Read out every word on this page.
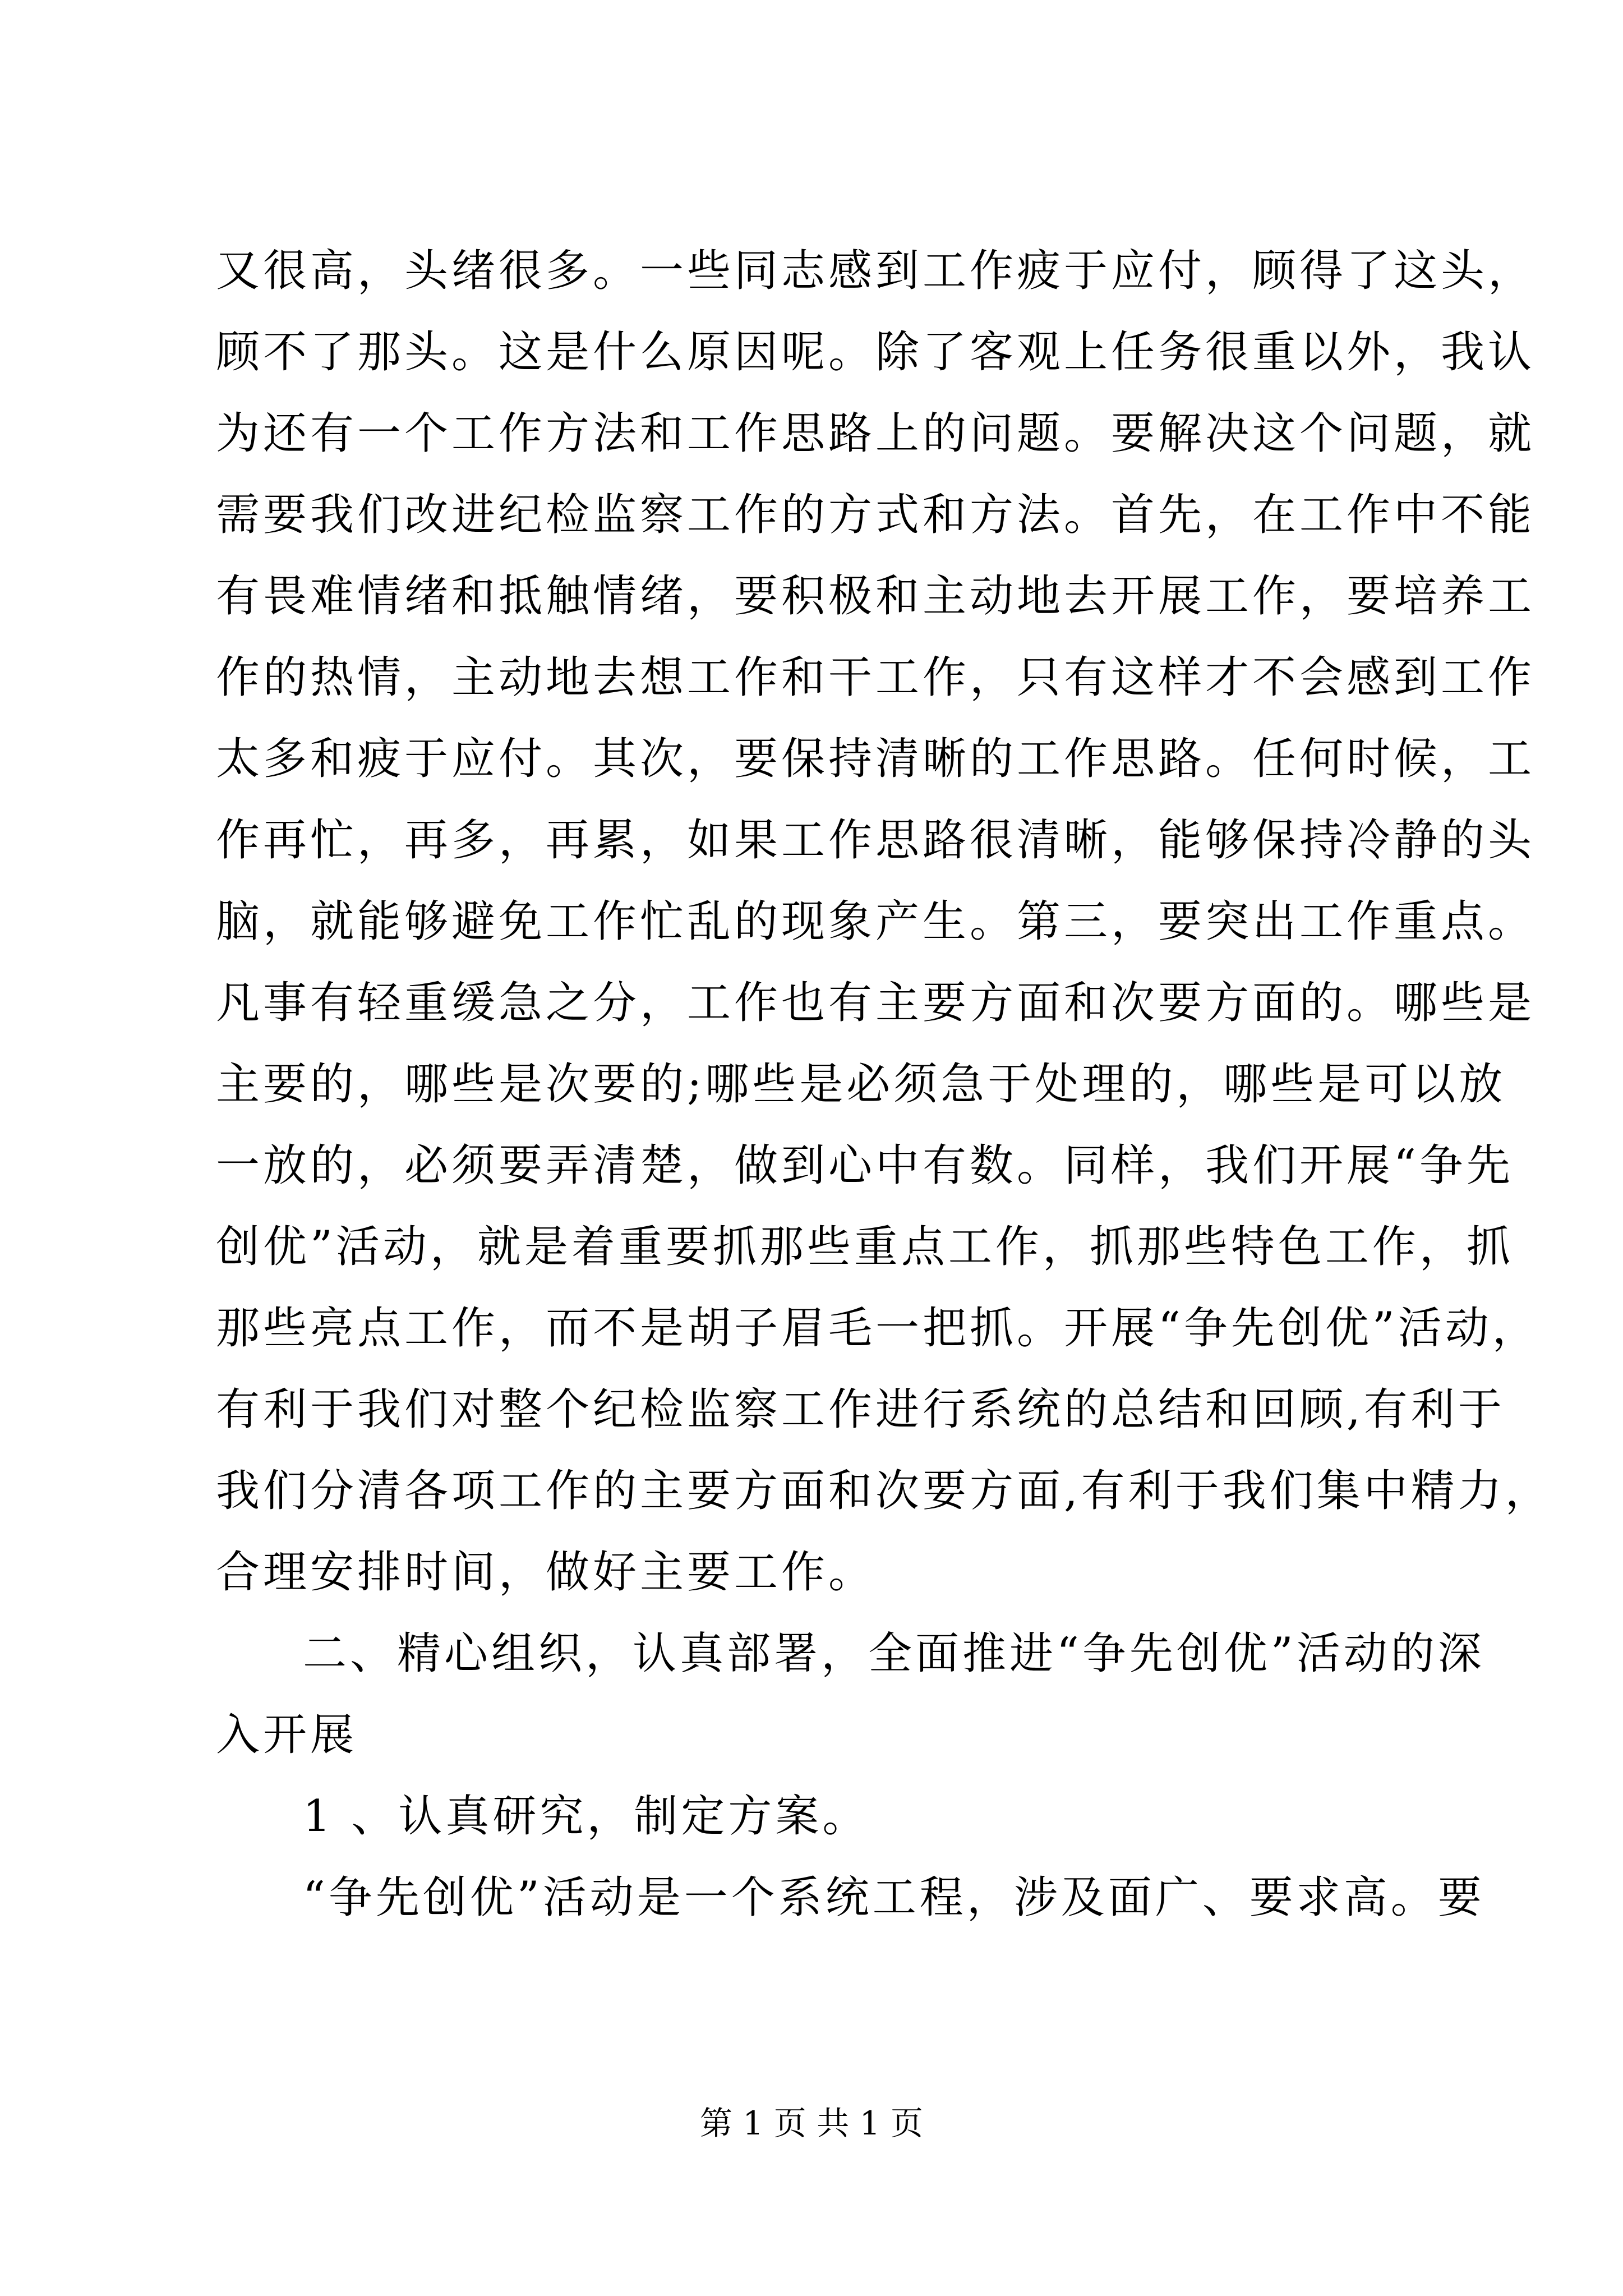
又很高，头绪很多。一些同志感到工作疲于应付，顾得了这头，
顾不了那头。这是什么原因呢。除了客观上任务很重以外，我认
为还有一个工作方法和工作思路上的问题。要解决这个问题，就
需要我们改进纪检监察工作的方式和方法。首先，在工作中不能
有畏难情绪和抵触情绪，要积极和主动地去开展工作，要培养工
作的热情，主动地去想工作和干工作，只有这样才不会感到工作
太多和疲于应付。其次，要保持清晰的工作思路。任何时候，工
作再忙，再多，再累，如果工作思路很清晰，能够保持冷静的头
脑，就能够避免工作忙乱的现象产生。第三，要突出工作重点。
凡事有轻重缓急之分，工作也有主要方面和次要方面的。哪些是
主要的，哪些是次要的;哪些是必须急于处理的，哪些是可以放
一放的，必须要弄清楚，做到心中有数。同样，我们开展“争先
创优”活动，就是着重要抓那些重点工作，抓那些特色工作，抓
那些亮点工作，而不是胡子眉毛一把抓。开展“争先创优”活动，
有利于我们对整个纪检监察工作进行系统的总结和回顾,有利于
我们分清各项工作的主要方面和次要方面,有利于我们集中精力，
合理安排时间，做好主要工作。
二、精心组织，认真部署，全面推进“争先创优”活动的深
入开展
1 、认真研究，制定方案。
“争先创优”活动是一个系统工程，涉及面广、要求高。要
第 1 页 共 1 页
